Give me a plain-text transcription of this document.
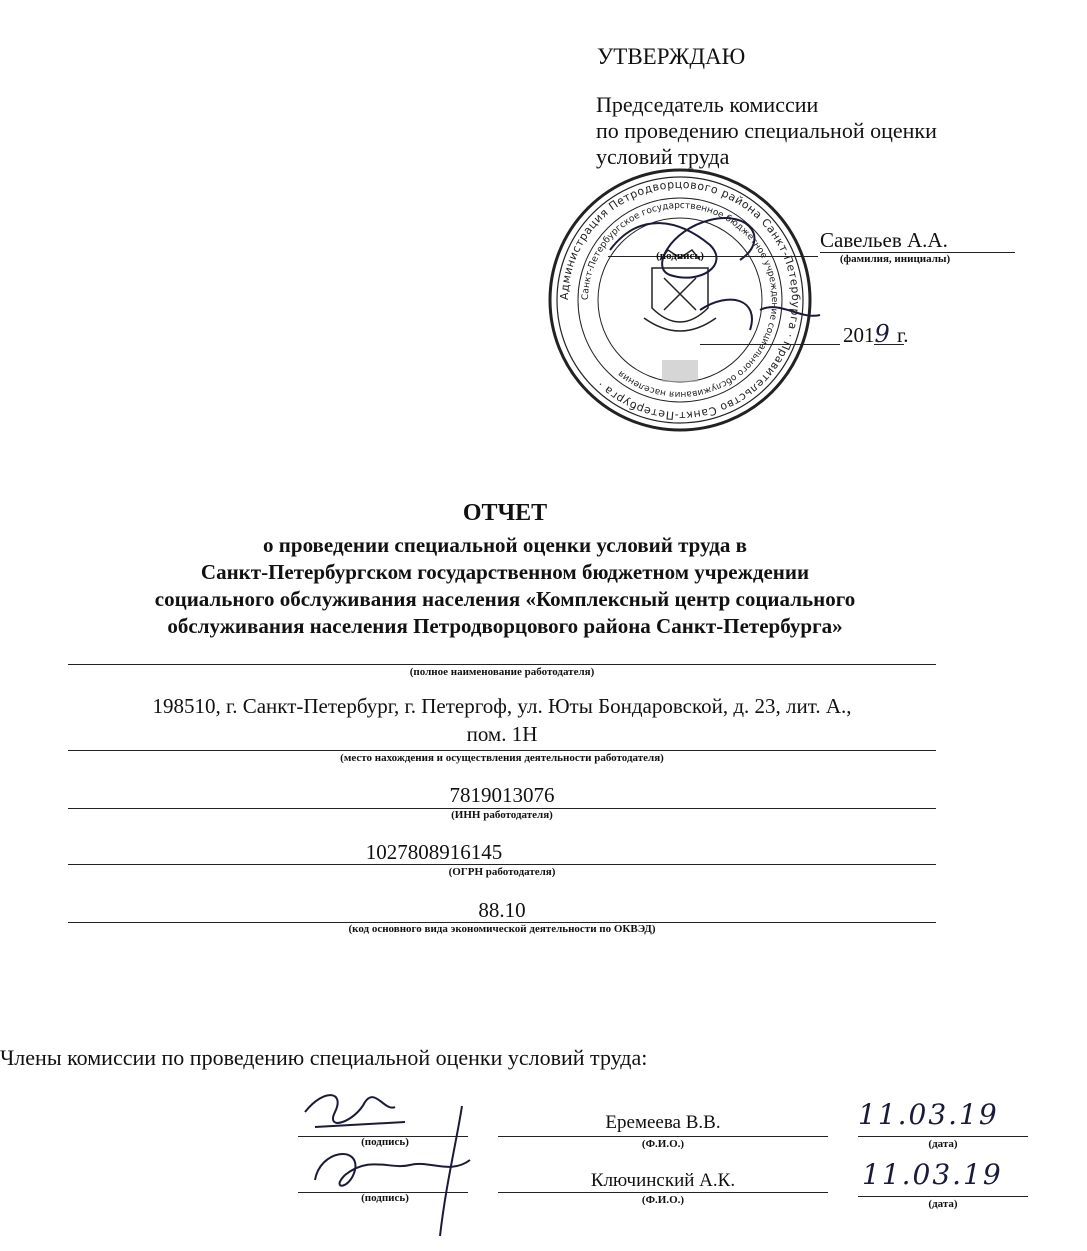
УТВЕРЖДАЮ
Председатель комиссии
по проведению специальной оценки
условий труда
Администрация Петродворцового района Санкт-Петербурга · Правительство Санкт-Петербурга ·
Санкт-Петербургское государственное бюджетное учреждение социального обслуживания населения
(подпись)
Савельев А.А.
(фамилия, инициалы)
2019 г.
ОТЧЕТ
о проведении специальной оценки условий труда в
Санкт-Петербургском государственном бюджетном учреждении
социального обслуживания населения «Комплексный центр социального
обслуживания населения Петродворцового района Санкт-Петербурга»
(полное наименование работодателя)
198510, г. Санкт-Петербург, г. Петергоф, ул. Юты Бондаровской, д. 23, лит. А.,
пом. 1Н
(место нахождения и осуществления деятельности работодателя)
7819013076
(ИНН работодателя)
1027808916145
(ОГРН работодателя)
88.10
(код основного вида экономической деятельности по ОКВЭД)
Члены комиссии по проведению специальной оценки условий труда:
(подпись)
Еремеева В.В.
(Ф.И.О.)
11.03.19
(дата)
(подпись)
Ключинский А.К.
(Ф.И.О.)
11.03.19
(дата)
